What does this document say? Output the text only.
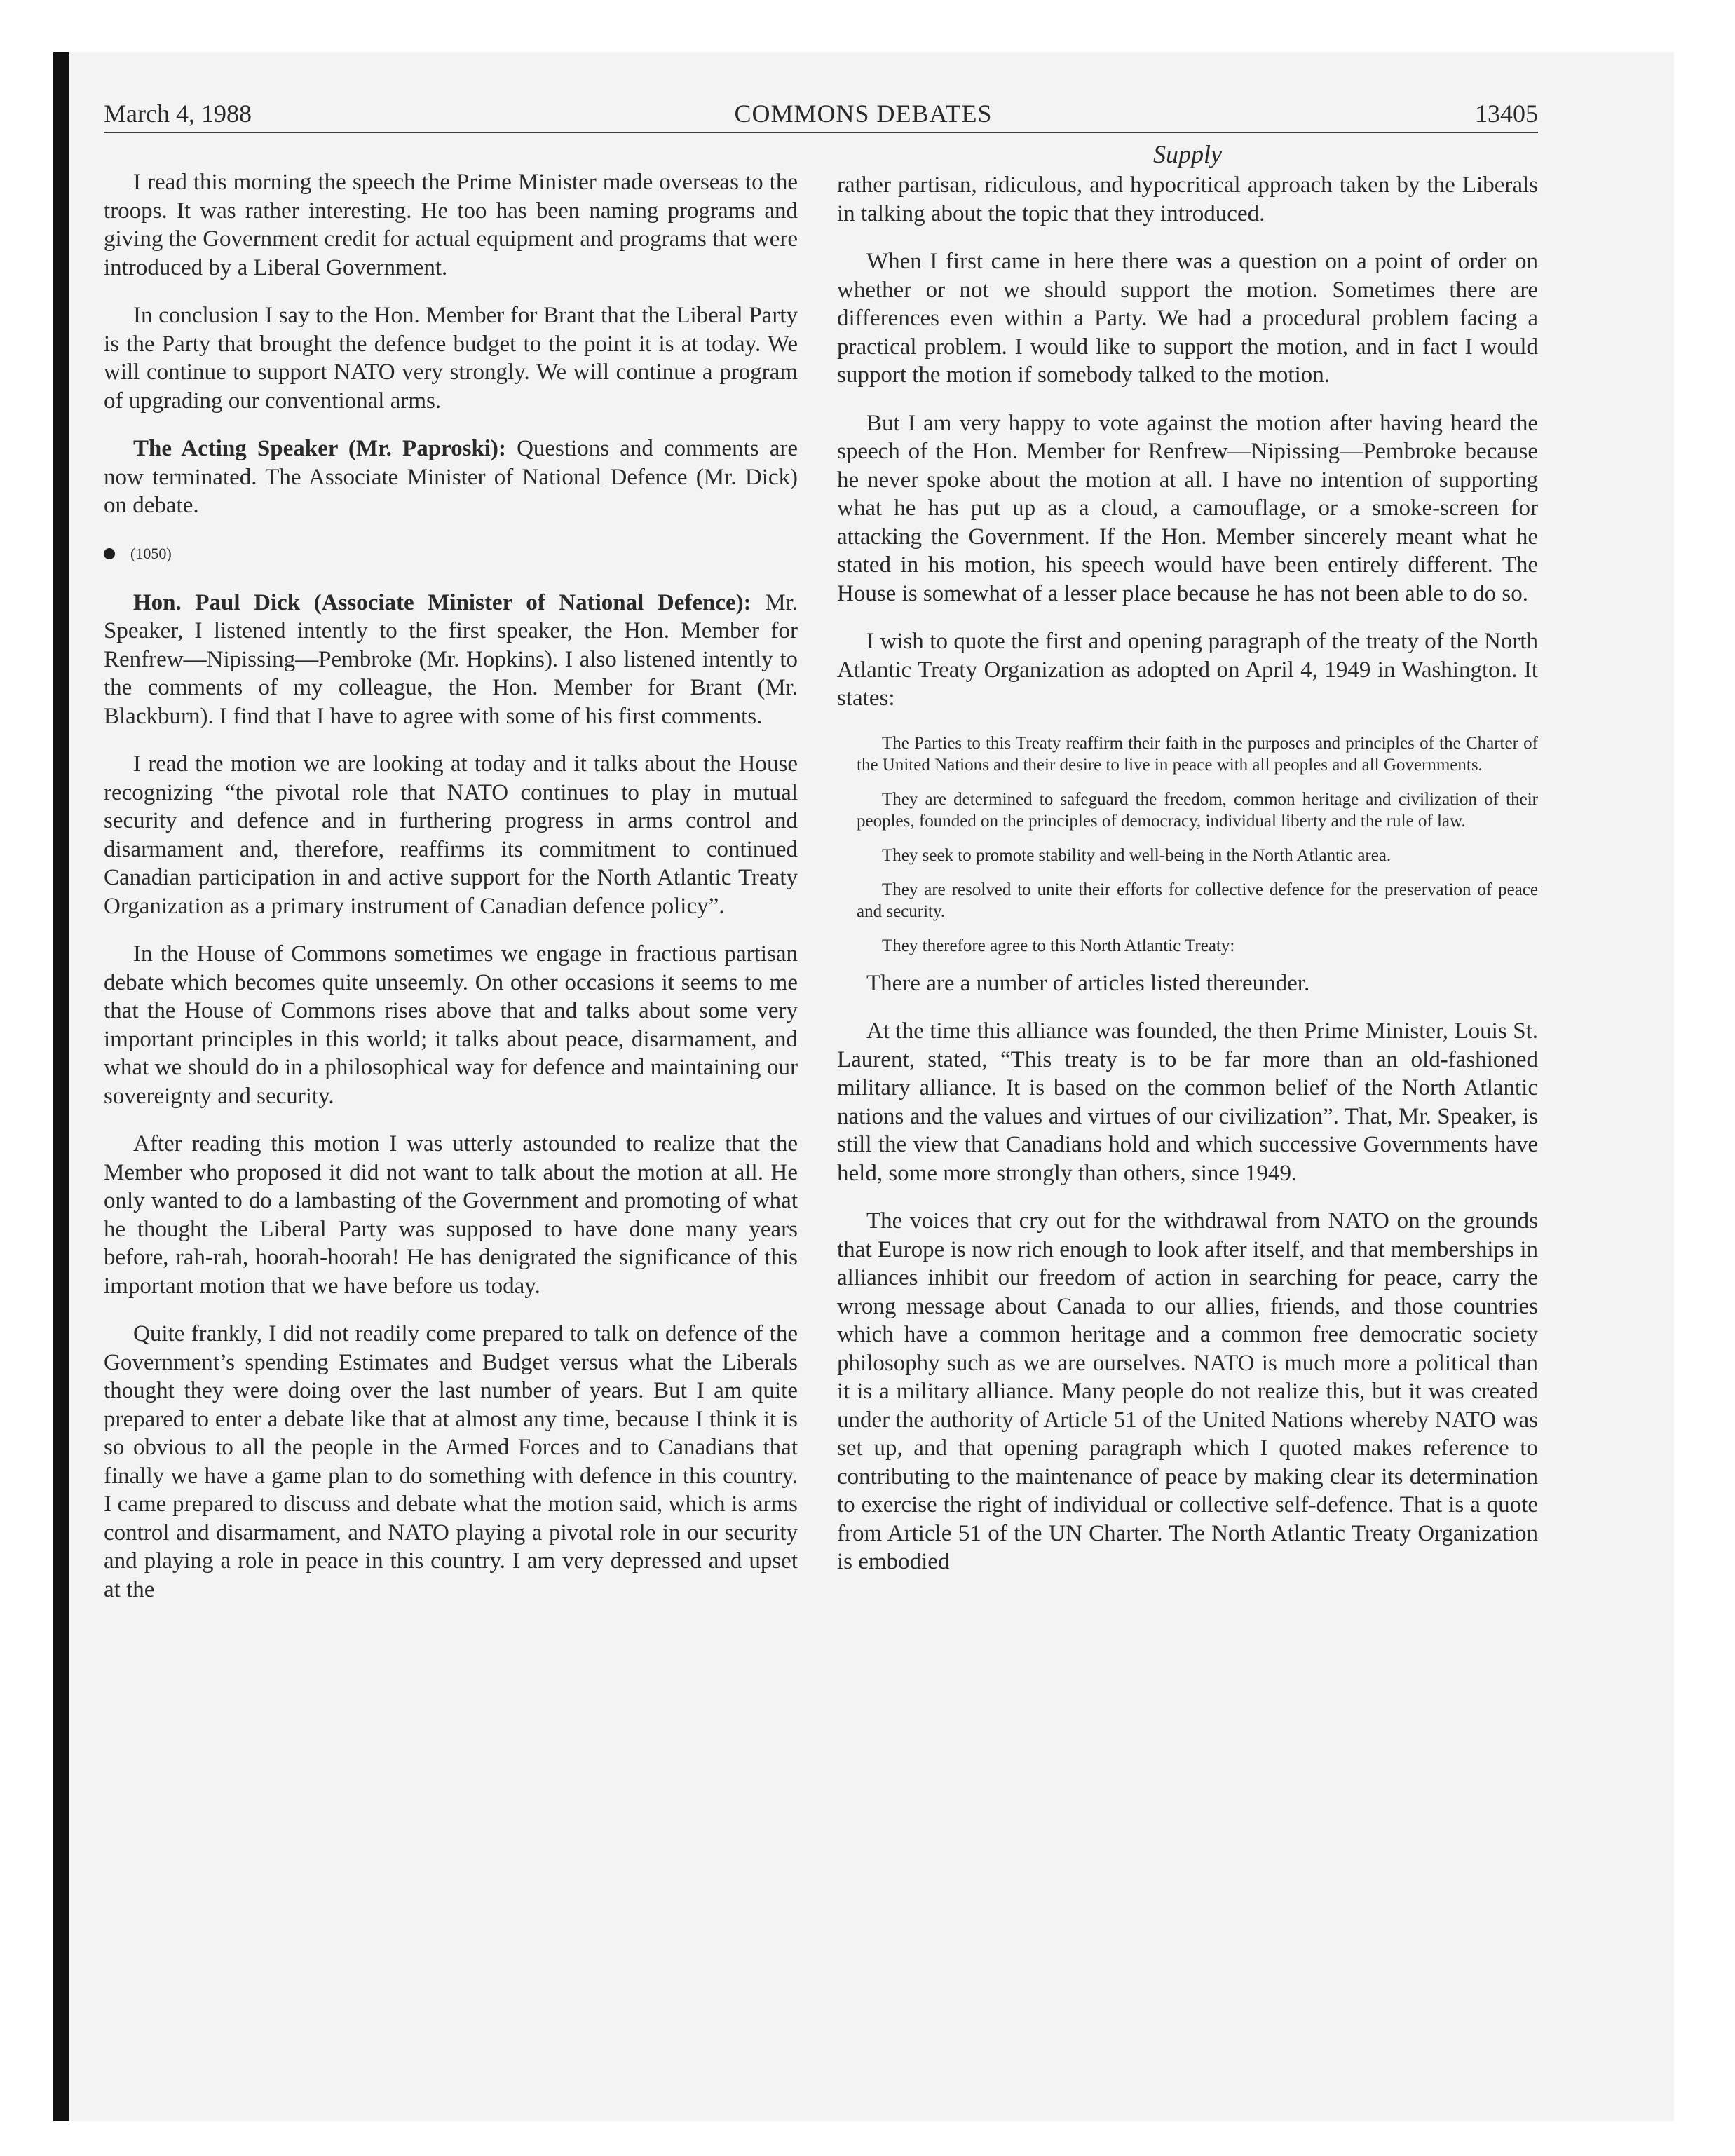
March 4, 1988	COMMONS DEBATES	13405

I read this morning the speech the Prime Minister made overseas to the troops. It was rather interesting. He too has been naming programs and giving the Government credit for actual equipment and programs that were introduced by a Liberal Government.

In conclusion I say to the Hon. Member for Brant that the Liberal Party is the Party that brought the defence budget to the point it is at today. We will continue to support NATO very strongly. We will continue a program of upgrading our conventional arms.

The Acting Speaker (Mr. Paproski): Questions and comments are now terminated. The Associate Minister of National Defence (Mr. Dick) on debate.

(1050)

Hon. Paul Dick (Associate Minister of National Defence): Mr. Speaker, I listened intently to the first speaker, the Hon. Member for Renfrew—Nipissing—Pembroke (Mr. Hopkins). I also listened intently to the comments of my colleague, the Hon. Member for Brant (Mr. Blackburn). I find that I have to agree with some of his first comments.

I read the motion we are looking at today and it talks about the House recognizing “the pivotal role that NATO continues to play in mutual security and defence and in furthering progress in arms control and disarmament and, therefore, reaffirms its commitment to continued Canadian participation in and active support for the North Atlantic Treaty Organization as a primary instrument of Canadian defence policy”.

In the House of Commons sometimes we engage in fractious partisan debate which becomes quite unseemly. On other occasions it seems to me that the House of Commons rises above that and talks about some very important principles in this world; it talks about peace, disarmament, and what we should do in a philosophical way for defence and maintaining our sovereignty and security.

After reading this motion I was utterly astounded to realize that the Member who proposed it did not want to talk about the motion at all. He only wanted to do a lambasting of the Government and promoting of what he thought the Liberal Party was supposed to have done many years before, rah-rah, hoorah-hoorah! He has denigrated the significance of this important motion that we have before us today.

Quite frankly, I did not readily come prepared to talk on defence of the Government’s spending Estimates and Budget versus what the Liberals thought they were doing over the last number of years. But I am quite prepared to enter a debate like that at almost any time, because I think it is so obvious to all the people in the Armed Forces and to Canadians that finally we have a game plan to do something with defence in this country. I came prepared to discuss and debate what the motion said, which is arms control and disarmament, and NATO playing a pivotal role in our security and playing a role in peace in this country. I am very depressed and upset at the

Supply

rather partisan, ridiculous, and hypocritical approach taken by the Liberals in talking about the topic that they introduced.

When I first came in here there was a question on a point of order on whether or not we should support the motion. Sometimes there are differences even within a Party. We had a procedural problem facing a practical problem. I would like to support the motion, and in fact I would support the motion if somebody talked to the motion.

But I am very happy to vote against the motion after having heard the speech of the Hon. Member for Renfrew—Nipissing—Pembroke because he never spoke about the motion at all. I have no intention of supporting what he has put up as a cloud, a camouflage, or a smoke-screen for attacking the Government. If the Hon. Member sincerely meant what he stated in his motion, his speech would have been entirely different. The House is somewhat of a lesser place because he has not been able to do so.

I wish to quote the first and opening paragraph of the treaty of the North Atlantic Treaty Organization as adopted on April 4, 1949 in Washington. It states:

The Parties to this Treaty reaffirm their faith in the purposes and principles of the Charter of the United Nations and their desire to live in peace with all peoples and all Governments.

They are determined to safeguard the freedom, common heritage and civilization of their peoples, founded on the principles of democracy, individual liberty and the rule of law.

They seek to promote stability and well-being in the North Atlantic area.

They are resolved to unite their efforts for collective defence for the preservation of peace and security.

They therefore agree to this North Atlantic Treaty:

There are a number of articles listed thereunder.

At the time this alliance was founded, the then Prime Minister, Louis St. Laurent, stated, “This treaty is to be far more than an old-fashioned military alliance. It is based on the common belief of the North Atlantic nations and the values and virtues of our civilization”. That, Mr. Speaker, is still the view that Canadians hold and which successive Governments have held, some more strongly than others, since 1949.

The voices that cry out for the withdrawal from NATO on the grounds that Europe is now rich enough to look after itself, and that memberships in alliances inhibit our freedom of action in searching for peace, carry the wrong message about Canada to our allies, friends, and those countries which have a common heritage and a common free democratic society philosophy such as we are ourselves. NATO is much more a political than it is a military alliance. Many people do not realize this, but it was created under the authority of Article 51 of the United Nations whereby NATO was set up, and that opening paragraph which I quoted makes reference to contributing to the maintenance of peace by making clear its determination to exercise the right of individual or collective self-defence. That is a quote from Article 51 of the UN Charter. The North Atlantic Treaty Organization is embodied
